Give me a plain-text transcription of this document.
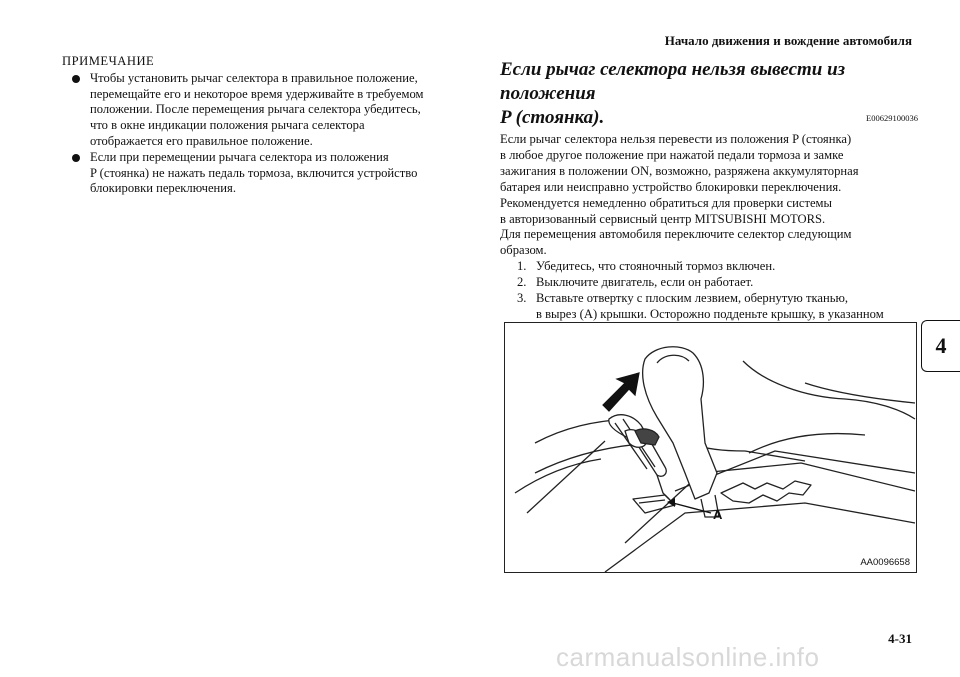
Начало движения и вождение автомобиля
ПРИМЕЧАНИЕ
Чтобы установить рычаг селектора в правильное положение,
перемещайте его и некоторое время удерживайте в требуемом
положении. После перемещения рычага селектора убедитесь,
что в окне индикации положения рычага селектора
отображается его правильное положение.
Если при перемещении рычага селектора из положения
P (стоянка) не нажать педаль тормоза, включится устройство
блокировки переключения.
Если рычаг селектора нельзя вывести из положения
P (стоянка).	E00629100036
Если рычаг селектора нельзя перевести из положения P (стоянка)
в любое другое положение при нажатой педали тормоза и замке
зажигания в положении ON, возможно, разряжена аккумуляторная
батарея или неисправно устройство блокировки переключения.
Рекомендуется немедленно обратиться для проверки системы
в авторизованный сервисный центр MITSUBISHI MOTORS.
Для перемещения автомобиля переключите селектор следующим
образом.
1. Убедитесь, что стояночный тормоз включен.
2. Выключите двигатель, если он работает.
3. Вставьте отвертку с плоским лезвием, обернутую тканью,
в вырез (A) крышки. Осторожно подденьте крышку, в указанном
A
AA0096658
4
4-31
carmanualsonline.info
